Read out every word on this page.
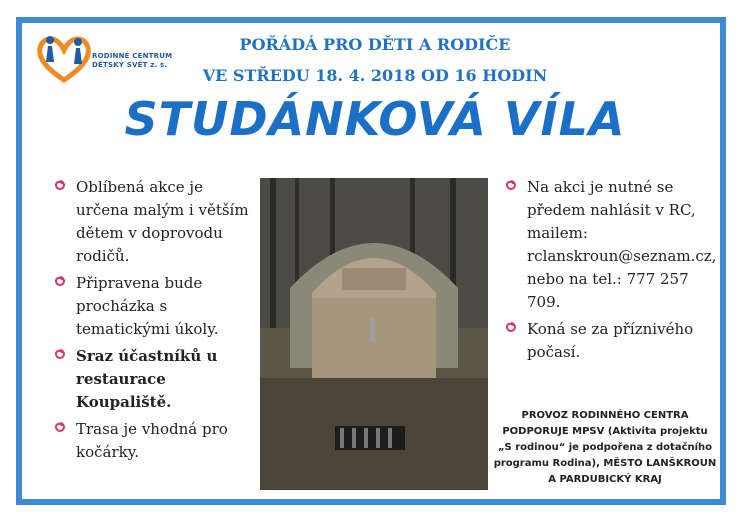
RODINNÉ CENTRUM
DĚTSKÝ SVĚT z. s.
POŘÁDÁ PRO DĚTI A RODIČE
VE STŘEDU 18. 4. 2018 OD 16 HODIN
STUDÁNKOVÁ VÍLA
Oblíbená akce je určena malým i větším dětem v doprovodu rodičů.
Připravena bude procházka s tematickými úkoly.
Sraz účastníků u restaurace Koupaliště.
Trasa je vhodná pro kočárky.
Na akci je nutné se předem nahlásit v RC, mailem: rclanskroun@seznam.cz, nebo na tel.: 777 257 709.
Koná se za příznivého počasí.
PROVOZ RODINNÉHO CENTRA
PODPORUJE MPSV (Aktivita projektu
„S rodinou“ je podpořena z dotačního
programu Rodina), MĚSTO LANŠKROUN
A PARDUBICKÝ KRAJ
